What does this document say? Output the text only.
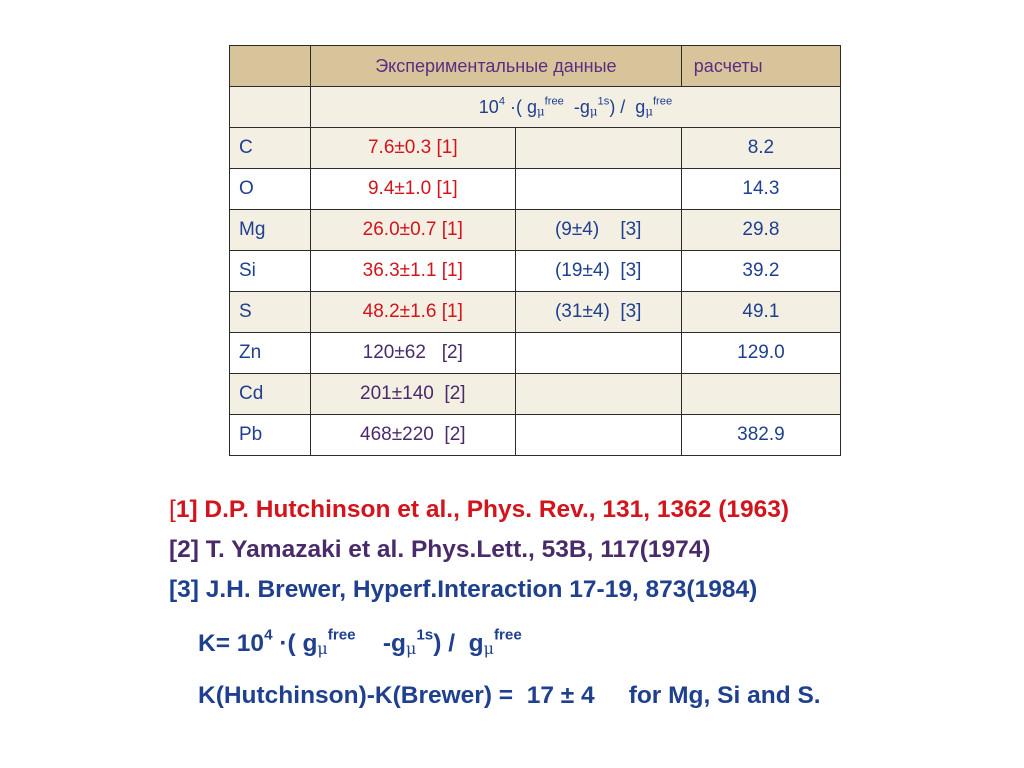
	Экспериментальные данные		расчеты
	$10^4$ ·( $g_\mu^{free}$  $-g_\mu^{1s}) / g_\mu^{free}$
C	7.6±0.3 [1]		8.2
O	9.4±1.0 [1]		14.3
Mg	26.0±0.7 [1]	(9±4)    [3]	29.8
Si	36.3±1.1 [1]	(19±4)  [3]	39.2
S	48.2±1.6 [1]	(31±4)  [3]	49.1
Zn	120±62   [2]		129.0
Cd	201±140  [2]		
Pb	468±220  [2]		382.9
[1] D.P. Hutchinson et al., Phys. Rev., 131, 1362 (1963)
[2] T. Yamazaki et al. Phys.Lett., 53B, 117(1974)
[3] J.H. Brewer, Hyperf.Interaction 17-19, 873(1984)
$K= 10^4$ ·( $g_\mu^{free}$    $-g_\mu^{1s}) / g_\mu^{free}$
K(Hutchinson)-K(Brewer) =  17 ± 4     for Mg, Si and S.
